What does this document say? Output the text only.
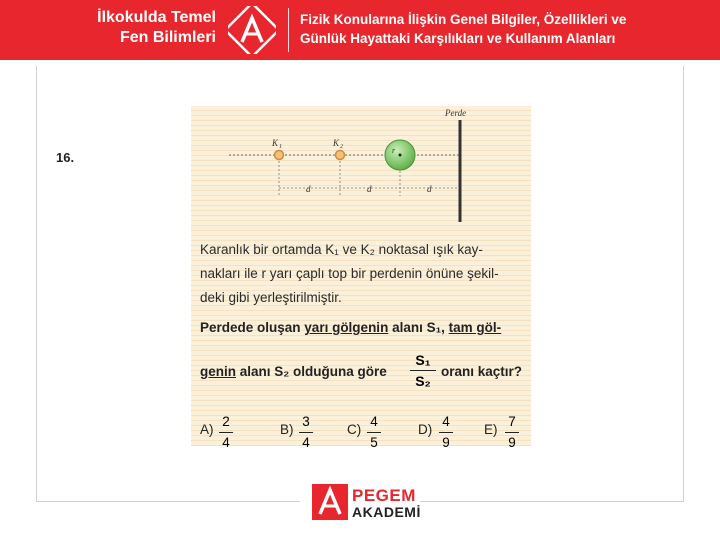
İlkokulda Temel
Fen Bilimleri
Fizik Konularına İlişkin Genel Bilgiler, Özellikleri ve
Günlük Hayattaki Karşılıkları ve Kullanım Alanları
16.
Perde
K 1	K 2	r
d	d	d
Karanlık bir ortamda K₁ ve K₂ noktasal ışık kay-
nakları ile r yarı çaplı top bir perdenin önüne şekil-
deki gibi yerleştirilmiştir.
Perdede oluşan yarı gölgenin alanı S₁, tam göl-
genin alanı S₂ olduğuna göre
S₁
S₂
oranı kaçtır?
A)
2
4
B)
3
4
C)
4
5
D)
4
9
E)
7
9
PEGEM
AKADEMİ
